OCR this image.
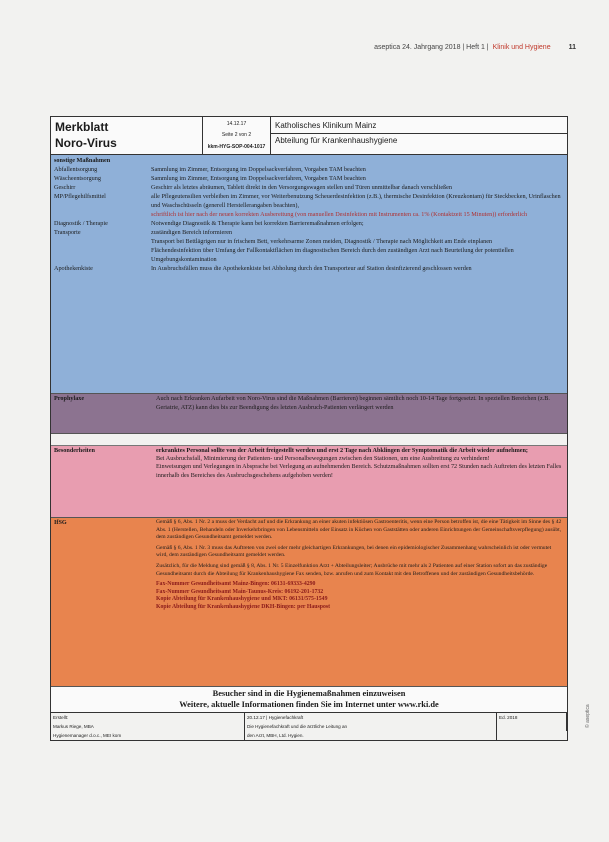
aseptica 24. Jahrgang 2018 | Heft 1 | Klinik und Hygiene	11
Merkblatt
Noro-Virus
14.12.17
Seite 2 von 2
kkm-HYG-SOP-004-1017
Katholisches Klinikum Mainz
Abteilung für Krankenhaushygiene
sonstige Maßnahmen
Abfallentsorgung	Sammlung im Zimmer, Entsorgung im Doppelsackverfahren, Vorgaben TAM beachten
Wäscheentsorgung	Sammlung im Zimmer, Entsorgung im Doppelsackverfahren, Vorgaben TAM beachten
Geschirr	Geschirr als letztes abräumen, Tablett direkt in den Versorgungswagen stellen und Türen unmittelbar danach verschließen
MP/Pflegehilfsmittel	alle Pflegeutensilien verbleiben im Zimmer, vor Weiterbenutzung Scheuerdesinfektion (z.B.), thermische Desinfektion (Kreuzkontam) für Steckbecken, Urinflaschen und Waschschüsseln (generell Herstellerangaben beachten),
schriftlich ist hier nach der neuen korrekten Ausbereitung (von manuellen Desinfektion mit Instrumenten ca. 1% (Kontaktzeit 15 Minuten)) erforderlich
Diagnostik / Therapie	Notwendige Diagnostik & Therapie kann bei korrekten Barrieremaßnahmen erfolgen;
Transporte	zuständigen Bereich informieren
Transport bei Bettlägrigen nur in frischem Bett, verkehrsarme Zonen meiden, Diagnostik / Therapie nach Möglichkeit am Ende einplanen
Flächendesinfektion über Umfang der Fallkontaktflächen im diagnostischen Bereich durch den zuständigen Arzt nach Beurteilung der potentiellen Umgebungskontamination
Apothekenkiste	In Ausbruchsfällen muss die Apothekenkiste bei Abholung durch den Transporteur auf Station desinfizierend geschlossen werden
Prophylaxe	Auch nach Erkranken Aufarbeit von Noro-Virus sind die Maßnahmen (Barrieren) beginnen sämtlich noch 10-14 Tage fortgesetzt. In speziellen Bereichen (z.B. Geriatrie, ATZ) kann dies bis zur Beendigung des letzten Ausbruch-Patienten verlängert werden
Besonderheiten	erkranktes Personal sollte von der Arbeit freigestellt werden und erst 2 Tage nach Abklingen der Symptomatik die Arbeit wieder aufnehmen;
Bei Ausbruchsfall, Minimierung der Patienten- und Personalbewegungen zwischen den Stationen, um eine Ausbreitung zu verhindern!
Einweisungen und Verlegungen in Absprache bei Verlegung an aufnehmenden Bereich. Schutzmaßnahmen sollten erst 72 Stunden nach Auftreten des letzten Falles innerhalb des Bereiches des Ausbruchsgeschehens aufgehoben werden!
IfSG	Gemäß § 6, Abs. 1 Nr. 2 a muss der Verdacht auf und die Erkrankung an einer akuten infektiösen Gastroenteritis, wenn eine Person betroffen ist, die eine Tätigkeit im Sinne des § 42 Abs. 1 (Herstellen, Behandeln oder Inverkehrbringen von Lebensmitteln oder Einsatz in Küchen von Gaststätten oder anderen Einrichtungen der Gemeinschaftsverpflegung) ausübt, dem zuständigen Gesundheitsamt gemeldet werden.

Gemäß § 6, Abs. 1 Nr. 3 muss das Auftreten von zwei oder mehr gleichartigen Erkrankungen, bei denen ein epidemiologischer Zusammenhang wahrscheinlich ist oder vermutet wird, dem zuständigen Gesundheitsamt gemeldet werden.

Zusätzlich, für die Meldung sind gemäß § 8, Abs. 1 Nr. 5 Einzelfunktion Arzt + Abteilungsleiter; Ausbrüche mit mehr als 2 Patienten auf einer Station sofort an das zuständige Gesundheitsamt durch die Abteilung für Krankenhaushygiene Fax senden, bzw. anrufen und zum Kontakt mit den Betroffenen und der zuständigen Gesundheitsbehörde.

Fax-Nummer Gesundheitsamt Mainz-Bingen: 06131-69333-4290
Fax-Nummer Gesundheitsamt Main-Taunus-Kreis: 06192-201-1732
Kopie Abteilung für Krankenhaushygiene und MKT: 06131/575-1549
Kopie Abteilung für Krankenhaushygiene DKH-Bingen: per Hauspost
Besucher sind in die Hygienemaßnahmen einzuweisen
Weitere, aktuelle Informationen finden Sie im Internet unter www.rki.de
Erstellt:	20.12.17 | Hygienefachkraft	Ed. 2018
Markus Riege, MBA	Die Hygienefachkraft und die ärztliche Leitung an
Hygienemanager d.o.c., MEI kom	den Arzt, MBH, Ltd. Hygien.
© aseptica
